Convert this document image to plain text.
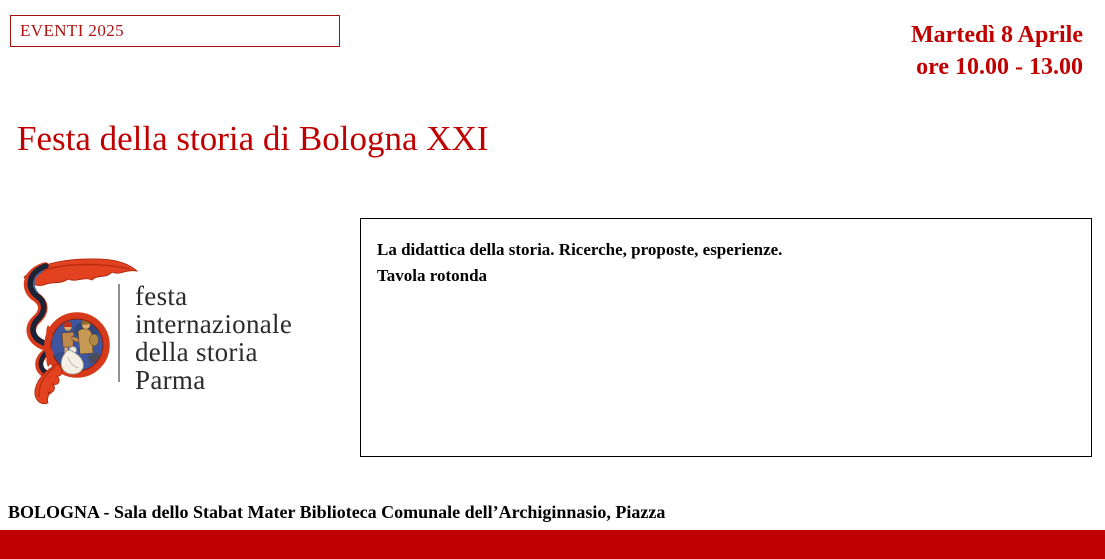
EVENTI 2025	Martedì 8 Aprile
ore 10.00 - 13.00
Festa della storia di Bologna XXI
festa
internazionale
della storia
Parma
La didattica della storia. Ricerche, proposte, esperienze.
Tavola rotonda
BOLOGNA - Sala dello Stabat Mater Biblioteca Comunale dell’Archiginnasio, Piazza
